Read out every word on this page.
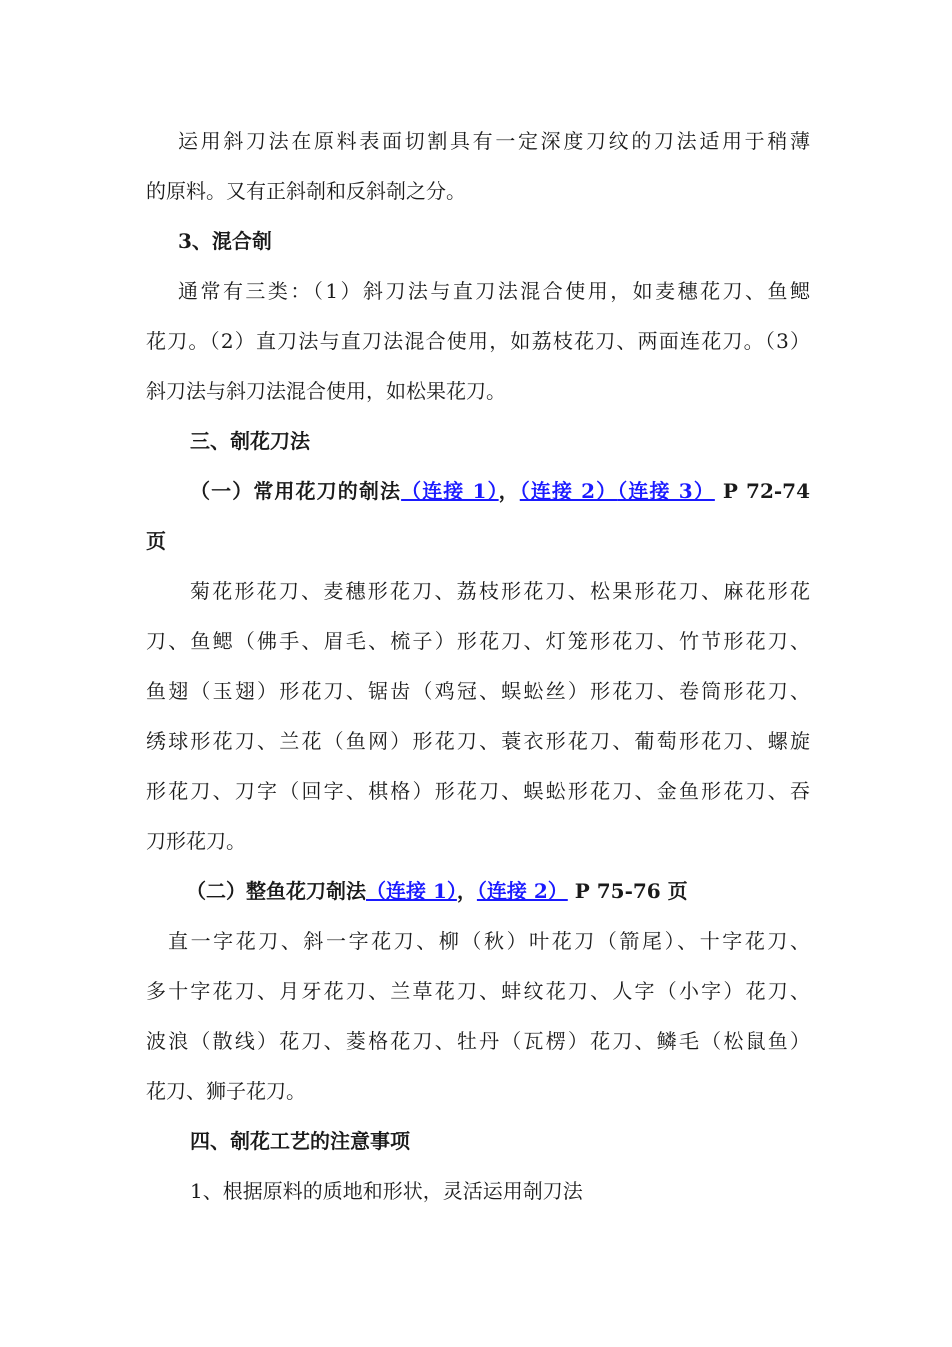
运用斜刀法在原料表面切割具有一定深度刀纹的刀法适用于稍薄
的原料。又有正斜剞和反斜剞之分。
3、混合剞
通常有三类：（1）斜刀法与直刀法混合使用，如麦穗花刀、鱼鳃
花刀。（2）直刀法与直刀法混合使用，如荔枝花刀、两面连花刀。（3）
斜刀法与斜刀法混合使用，如松果花刀。
三、剞花刀法
（一）常用花刀的剞法（连接 1），（连接 2）（连接 3） P 72-74
页
菊花形花刀、麦穗形花刀、荔枝形花刀、松果形花刀、麻花形花
刀、鱼鳃（佛手、眉毛、梳子）形花刀、灯笼形花刀、竹节形花刀、
鱼翅（玉翅）形花刀、锯齿（鸡冠、蜈蚣丝）形花刀、卷筒形花刀、
绣球形花刀、兰花（鱼网）形花刀、蓑衣形花刀、葡萄形花刀、螺旋
形花刀、刀字（回字、棋格）形花刀、蜈蚣形花刀、金鱼形花刀、吞
刀形花刀。
（二）整鱼花刀剞法（连接 1），（连接 2） P 75-76 页
直一字花刀、斜一字花刀、柳（秋）叶花刀（箭尾）、十字花刀、
多十字花刀、月牙花刀、兰草花刀、蚌纹花刀、人字（小字）花刀、
波浪（散线）花刀、菱格花刀、牡丹（瓦楞）花刀、鳞毛（松鼠鱼）
花刀、狮子花刀。
四、剞花工艺的注意事项
1、根据原料的质地和形状，灵活运用剞刀法
